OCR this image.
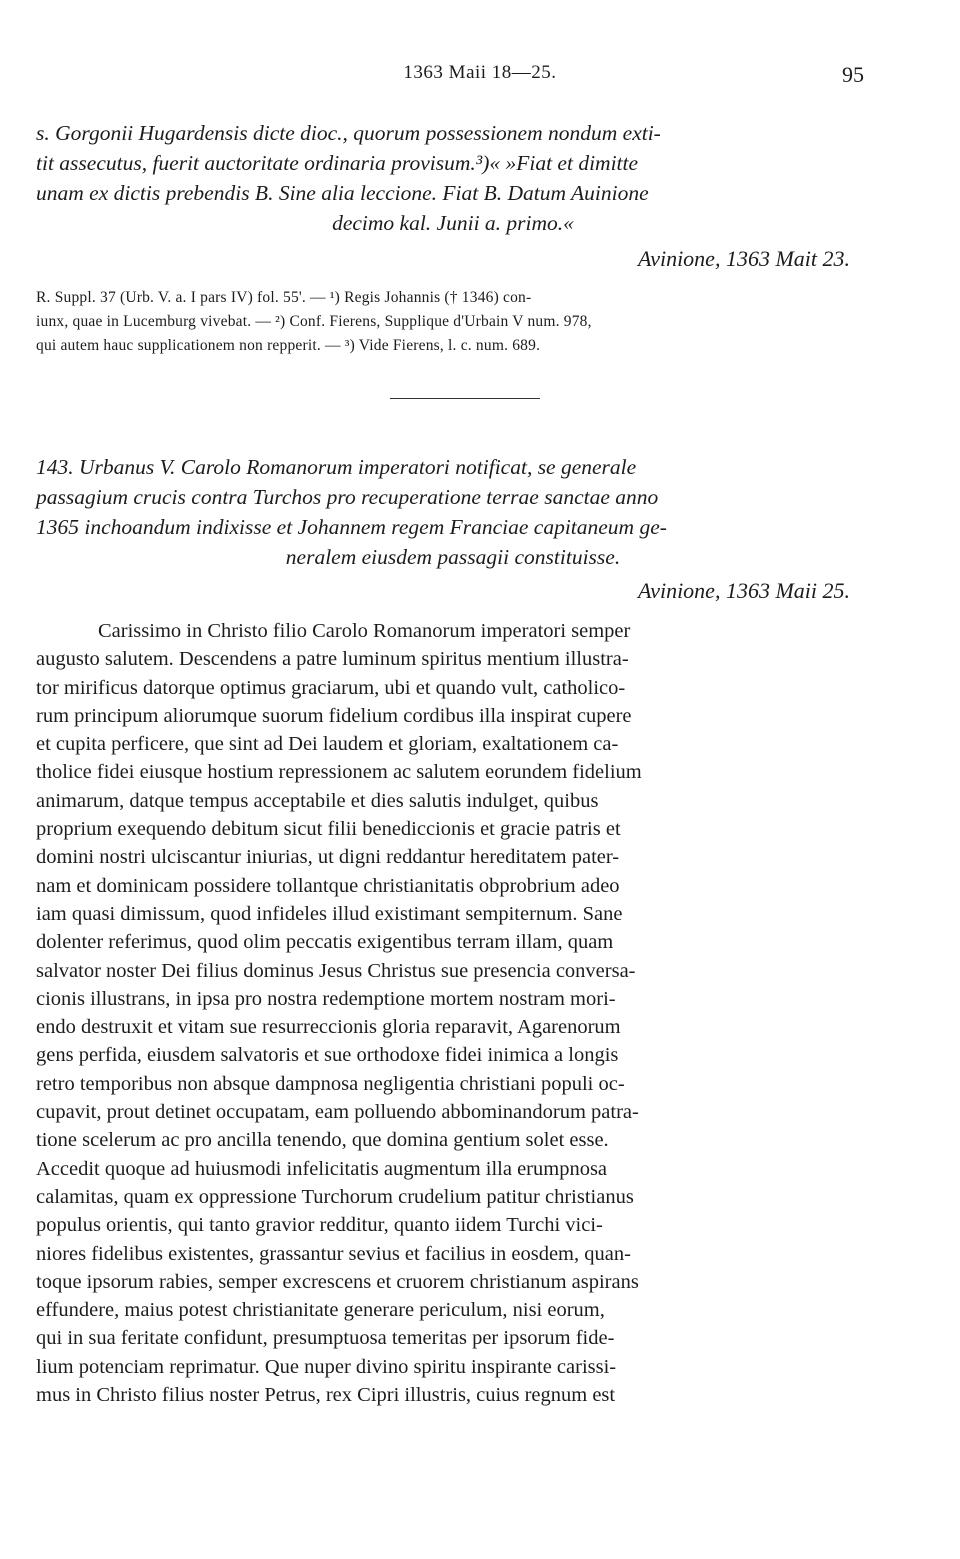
1363 Maii 18—25.	95
s. Gorgonii Hugardensis dicte dioc., quorum possessionem nondum exti-
tit assecutus, fuerit auctoritate ordinaria provisum.³)« »Fiat et dimitte
unam ex dictis prebendis B. Sine alia leccione. Fiat B. Datum Auinione
decimo kal. Junii a. primo.«
Avinione, 1363 Mait 23.
R. Suppl. 37 (Urb. V. a. I pars IV) fol. 55'. — ¹) Regis Johannis († 1346) con-
iunx, quae in Lucemburg vivebat. — ²) Conf. Fierens, Supplique d'Urbain V num. 978,
qui autem hauc supplicationem non repperit. — ³) Vide Fierens, l. c. num. 689.
143. Urbanus V. Carolo Romanorum imperatori notificat, se generale
passagium crucis contra Turchos pro recuperatione terrae sanctae anno
1365 inchoandum indixisse et Johannem regem Franciae capitaneum ge-
neralem eiusdem passagii constituisse.
Avinione, 1363 Maii 25.
Carissimo in Christo filio Carolo Romanorum imperatori semper
augusto salutem. Descendens a patre luminum spiritus mentium illustra-
tor mirificus datorque optimus graciarum, ubi et quando vult, catholico-
rum principum aliorumque suorum fidelium cordibus illa inspirat cupere
et cupita perficere, que sint ad Dei laudem et gloriam, exaltationem ca-
tholice fidei eiusque hostium repressionem ac salutem eorundem fidelium
animarum, datque tempus acceptabile et dies salutis indulget, quibus
proprium exequendo debitum sicut filii benediccionis et gracie patris et
domini nostri ulciscantur iniurias, ut digni reddantur hereditatem pater-
nam et dominicam possidere tollantque christianitatis obprobrium adeo
iam quasi dimissum, quod infideles illud existimant sempiternum. Sane
dolenter referimus, quod olim peccatis exigentibus terram illam, quam
salvator noster Dei filius dominus Jesus Christus sue presencia conversa-
cionis illustrans, in ipsa pro nostra redemptione mortem nostram mori-
endo destruxit et vitam sue resurreccionis gloria reparavit, Agarenorum
gens perfida, eiusdem salvatoris et sue orthodoxe fidei inimica a longis
retro temporibus non absque dampnosa negligentia christiani populi oc-
cupavit, prout detinet occupatam, eam polluendo abbominandorum patra-
tione scelerum ac pro ancilla tenendo, que domina gentium solet esse.
Accedit quoque ad huiusmodi infelicitatis augmentum illa erumpnosa
calamitas, quam ex oppressione Turchorum crudelium patitur christianus
populus orientis, qui tanto gravior redditur, quanto iidem Turchi vici-
niores fidelibus existentes, grassantur sevius et facilius in eosdem, quan-
toque ipsorum rabies, semper excrescens et cruorem christianum aspirans
effundere, maius potest christianitate generare periculum, nisi eorum,
qui in sua feritate confidunt, presumptuosa temeritas per ipsorum fide-
lium potenciam reprimatur. Que nuper divino spiritu inspirante carissi-
mus in Christo filius noster Petrus, rex Cipri illustris, cuius regnum est
